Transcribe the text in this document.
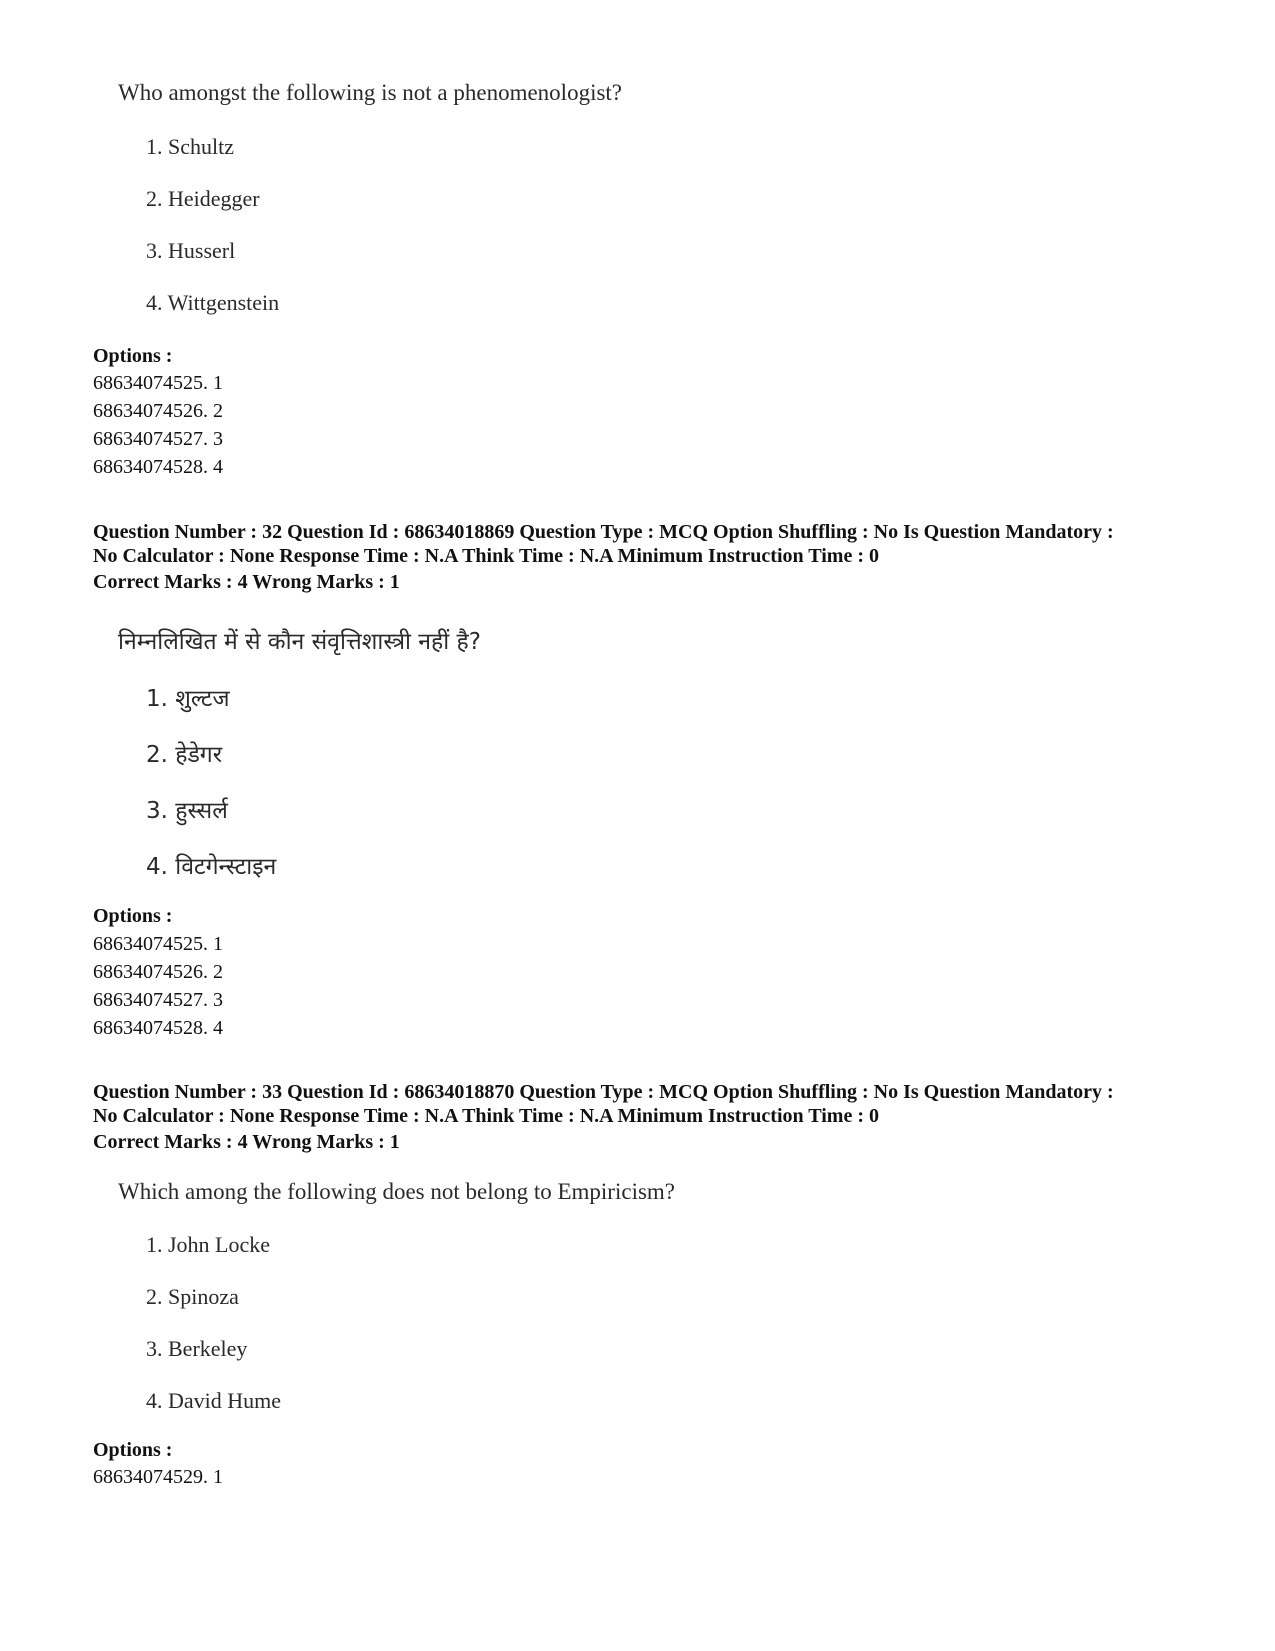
Who amongst the following is not a phenomenologist?
1. Schultz
2. Heidegger
3. Husserl
4. Wittgenstein
Options :
68634074525. 1
68634074526. 2
68634074527. 3
68634074528. 4
Question Number : 32 Question Id : 68634018869 Question Type : MCQ Option Shuffling : No Is Question Mandatory :
No Calculator : None Response Time : N.A Think Time : N.A Minimum Instruction Time : 0
Correct Marks : 4 Wrong Marks : 1
निम्नलिखित में से कौन संवृत्तिशास्त्री नहीं है?
1. शुल्टज
2. हेडेगर
3. हुस्सर्ल
4. विटगेन्स्टाइन
Options :
68634074525. 1
68634074526. 2
68634074527. 3
68634074528. 4
Question Number : 33 Question Id : 68634018870 Question Type : MCQ Option Shuffling : No Is Question Mandatory :
No Calculator : None Response Time : N.A Think Time : N.A Minimum Instruction Time : 0
Correct Marks : 4 Wrong Marks : 1
Which among the following does not belong to Empiricism?
1. John Locke
2. Spinoza
3. Berkeley
4. David Hume
Options :
68634074529. 1
